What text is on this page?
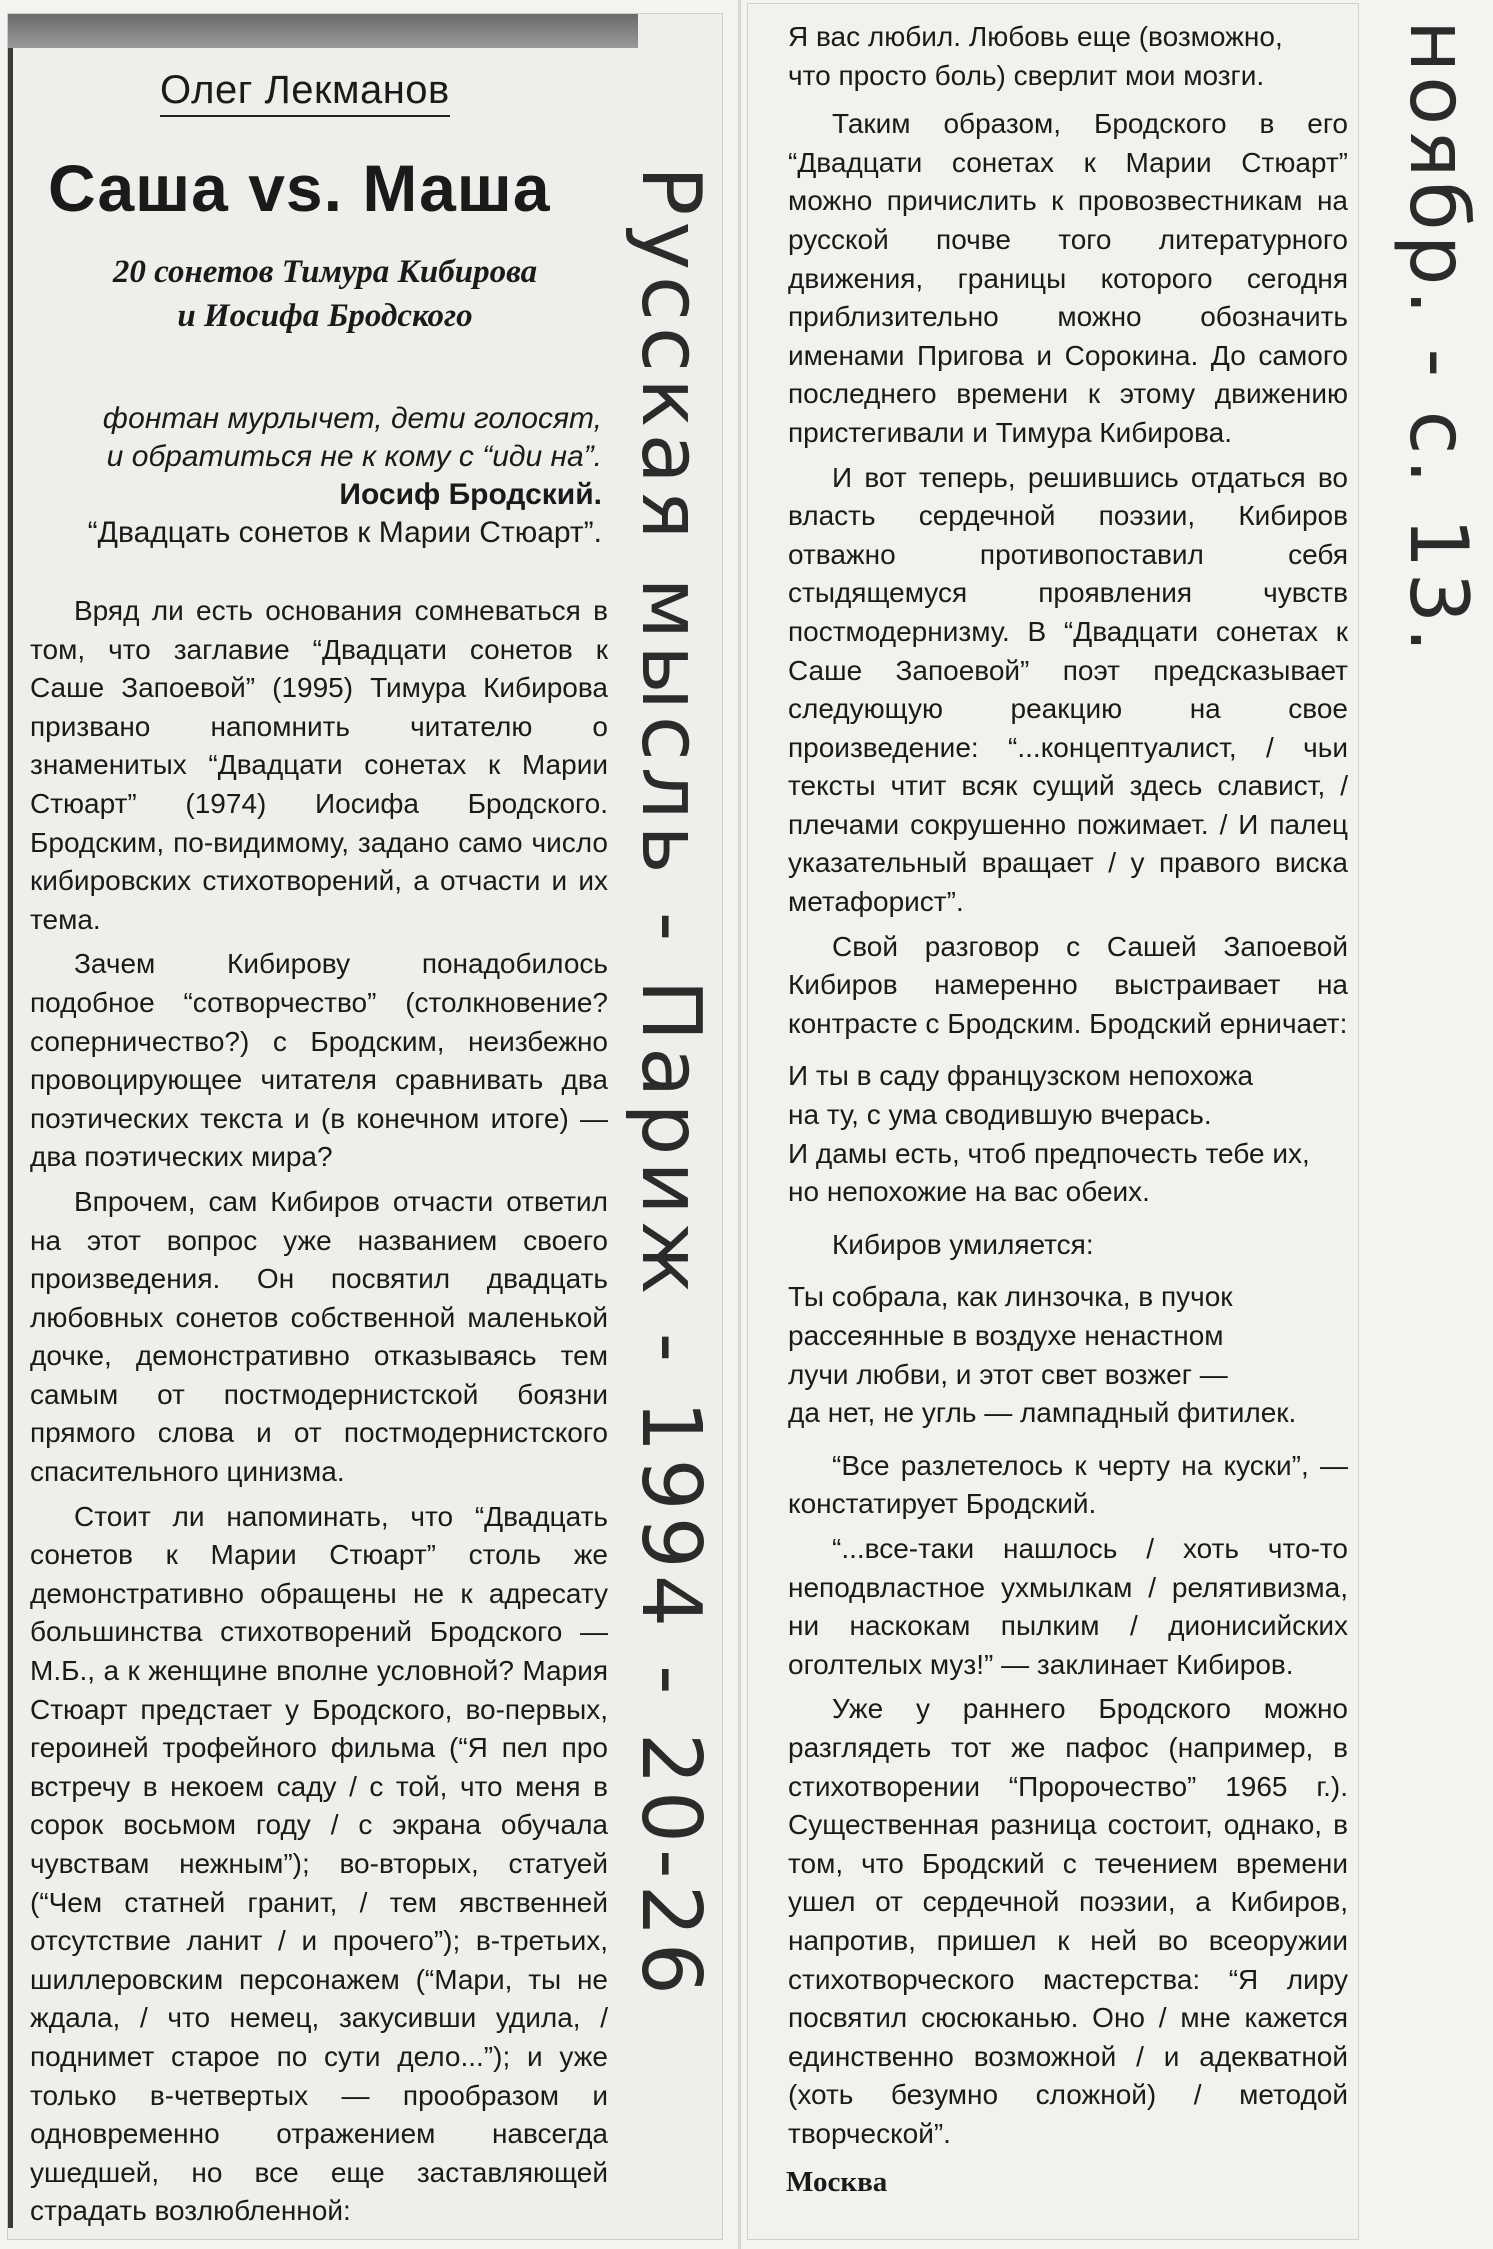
Олег Лекманов
Саша vs. Маша
20 сонетов Тимура Кибирова
и Иосифа Бродского
фонтан мурлычет, дети голосят,
и обратиться не к кому с “иди на”.
Иосиф Бродский.
“Двадцать сонетов к Марии Стюарт”.

Вряд ли есть основания сомневаться в том, что заглавие “Двадцати сонетов к Саше Запоевой” (1995) Тимура Кибирова призвано напомнить читателю о знаменитых “Двадцати сонетах к Марии Стюарт” (1974) Иосифа Бродского. Бродским, по-видимому, задано само число кибировских стихотворений, а отчасти и их тема.

Зачем Кибирову понадобилось подобное “сотворчество” (столкновение? соперничество?) с Бродским, неизбежно провоцирующее читателя сравнивать два поэтических текста и (в конечном итоге) — два поэтических мира?

Впрочем, сам Кибиров отчасти ответил на этот вопрос уже названием своего произведения. Он посвятил двадцать любовных сонетов собственной маленькой дочке, демонстративно отказываясь тем самым от постмодернистской боязни прямого слова и от постмодернистского спасительного цинизма.

Стоит ли напоминать, что “Двадцать сонетов к Марии Стюарт” столь же демонстративно обращены не к адресату большинства стихотворений Бродского — М.Б., а к женщине вполне условной? Мария Стюарт предстает у Бродского, во-первых, героиней трофейного фильма (“Я пел про встречу в некоем саду / с той, что меня в сорок восьмом году / с экрана обучала чувствам нежным”); во-вторых, статуей (“Чем статней гранит, / тем явственней отсутствие ланит / и прочего”); в-третьих, шиллеровским персонажем (“Мари, ты не ждала, / что немец, закусивши удила, / поднимет старое по сути дело...”); и уже только в-четвертых — прообразом и одновременно отражением навсегда ушедшей, но все еще заставляющей страдать возлюбленной:

Я вас любил. Любовь еще (возможно,

что просто боль) сверлит мои мозги.

Таким образом, Бродского в его “Двадцати сонетах к Марии Стюарт” можно причислить к провозвестникам на русской почве того литературного движения, границы которого сегодня приблизительно можно обозначить именами Пригова и Сорокина. До самого последнего времени к этому движению пристегивали и Тимура Кибирова.

И вот теперь, решившись отдаться во власть сердечной поэзии, Кибиров отважно противопоставил себя стыдящемуся проявления чувств постмодернизму. В “Двадцати сонетах к Саше Запоевой” поэт предсказывает следующую реакцию на свое произведение: “...концептуалист, / чьи тексты чтит всяк сущий здесь славист, / плечами сокрушенно пожимает. / И палец указательный вращает / у правого виска метафорист”.

Свой разговор с Сашей Запоевой Кибиров намеренно выстраивает на контрасте с Бродским. Бродский ерничает:

И ты в саду французском непохожа
на ту, с ума сводившую вчерась.
И дамы есть, чтоб предпочесть тебе их,
но непохожие на вас обеих.

Кибиров умиляется:

Ты собрала, как линзочка, в пучок
рассеянные в воздухе ненастном
лучи любви, и этот свет возжег —
да нет, не угль — лампадный фитилек.

“Все разлетелось к черту на куски”, — констатирует Бродский.

“...все-таки нашлось / хоть что-то неподвластное ухмылкам / релятивизма, ни наскокам пылким / дионисийских оголтелых муз!” — заклинает Кибиров.

Уже у раннего Бродского можно разглядеть тот же пафос (например, в стихотворении “Пророчество” 1965 г.). Существенная разница состоит, однако, в том, что Бродский с течением времени ушел от сердечной поэзии, а Кибиров, напротив, пришел к ней во всеоружии стихотворческого мастерства: “Я лиру посвятил сюсюканью. Оно / мне кажется единственно возможной / и адекватной (хоть безумно сложной) / методой творческой”.

Москва
Русская мысль - Париж - 1994 - 20-26	ноябр. - с. 13.
